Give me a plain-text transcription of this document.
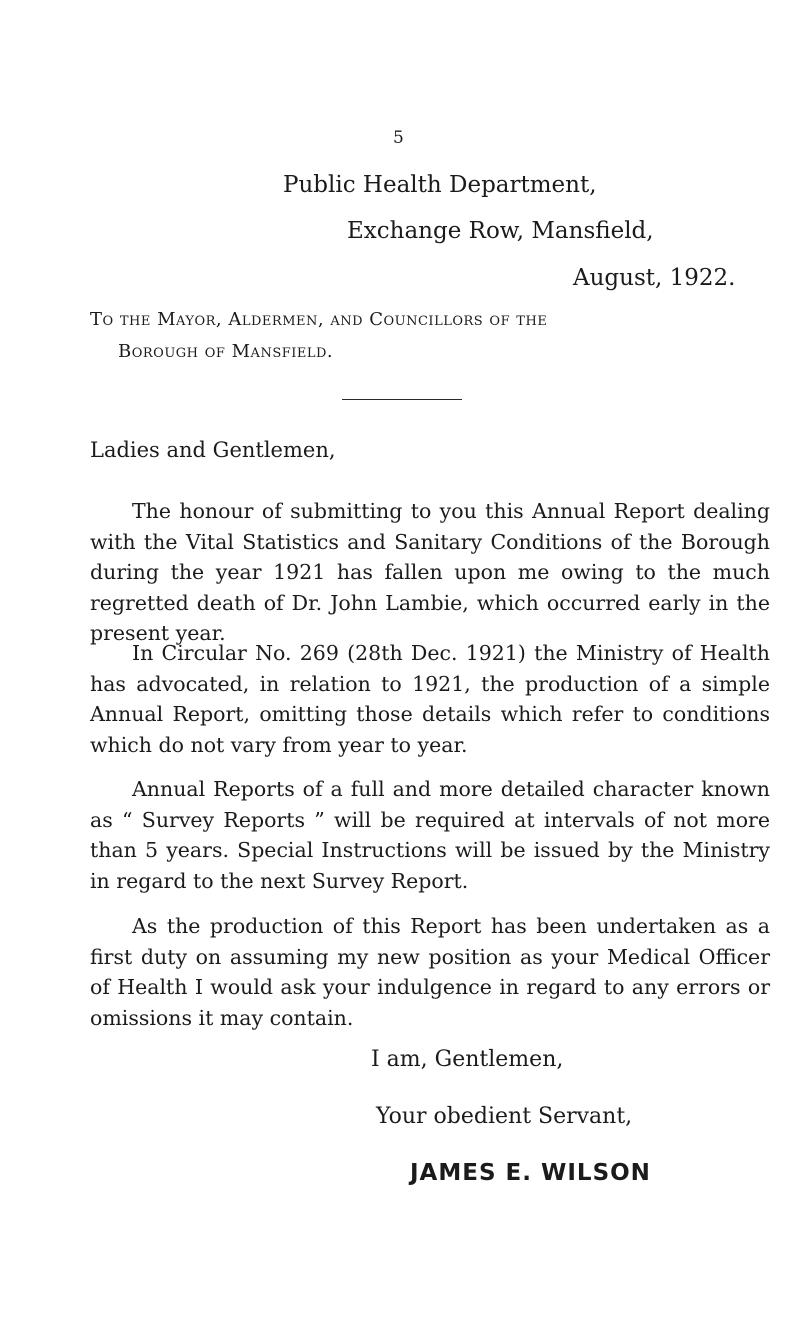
5
Public Health Department,
Exchange Row, Mansfield,
August, 1922.
To the Mayor, Aldermen, and Councillors of the
Borough of Mansfield.
Ladies and Gentlemen,

The honour of submitting to you this Annual Report dealing with the Vital Statistics and Sanitary Conditions of the Borough during the year 1921 has fallen upon me owing to the much regretted death of Dr. John Lambie, which occurred early in the present year.

In Circular No. 269 (28th Dec. 1921) the Ministry of Health has advocated, in relation to 1921, the production of a simple Annual Report, omitting those details which refer to conditions which do not vary from year to year.

Annual Reports of a full and more detailed character known as “ Survey Reports ” will be required at intervals of not more than 5 years. Special Instructions will be issued by the Ministry in regard to the next Survey Report.

As the production of this Report has been undertaken as a first duty on assuming my new position as your Medical Officer of Health I would ask your indulgence in regard to any errors or omissions it may contain.

I am, Gentlemen,
Your obedient Servant,
JAMES E. WILSON
